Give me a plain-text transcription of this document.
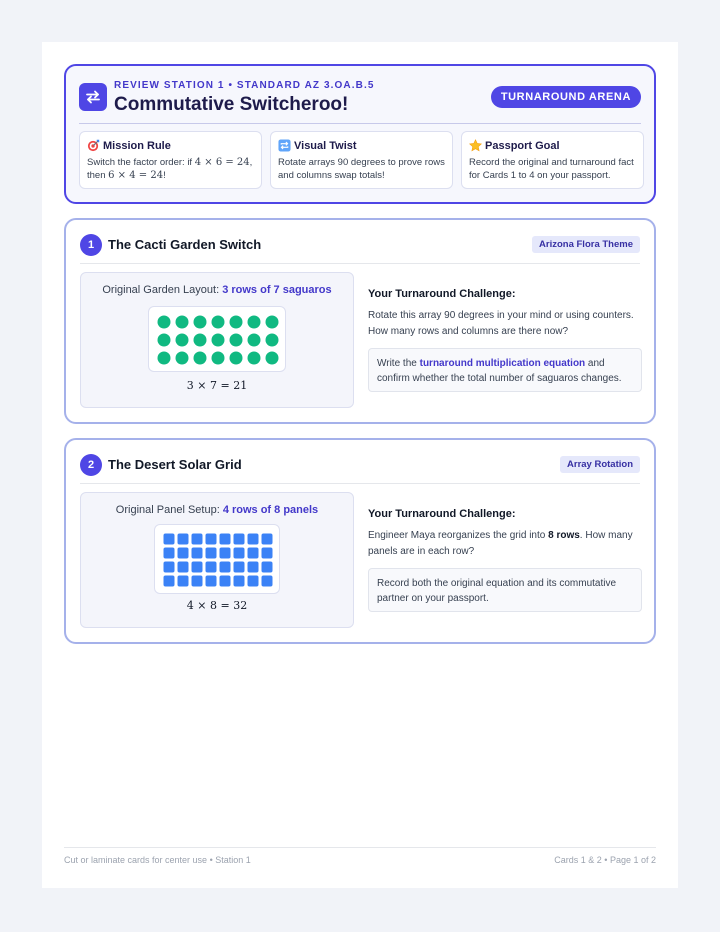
REVIEW STATION 1 • STANDARD AZ 3.OA.B.5
Commutative Switcheroo!	TURNAROUND ARENA
Mission Rule

Switch the factor order: if 4 × 6 = 24, then 6 × 4 = 24!

Visual Twist

Rotate arrays 90 degrees to prove rows and columns swap totals!

Passport Goal

Record the original and turnaround fact for Cards 1 to 4 on your passport.

1	The Cacti Garden Switch	Arizona Flora Theme
Original Garden Layout: 3 rows of 7 saguaros
3 × 7 = 21
Your Turnaround Challenge:
Rotate this array 90 degrees in your mind or using counters. How many rows and columns are there now?
Write the turnaround multiplication equation and confirm whether the total number of saguaros changes.
2	The Desert Solar Grid	Array Rotation
Original Panel Setup: 4 rows of 8 panels
4 × 8 = 32
Your Turnaround Challenge:
Engineer Maya reorganizes the grid into 8 rows. How many panels are in each row?
Record both the original equation and its commutative partner on your passport.
Cut or laminate cards for center use • Station 1	Cards 1 & 2 • Page 1 of 2
